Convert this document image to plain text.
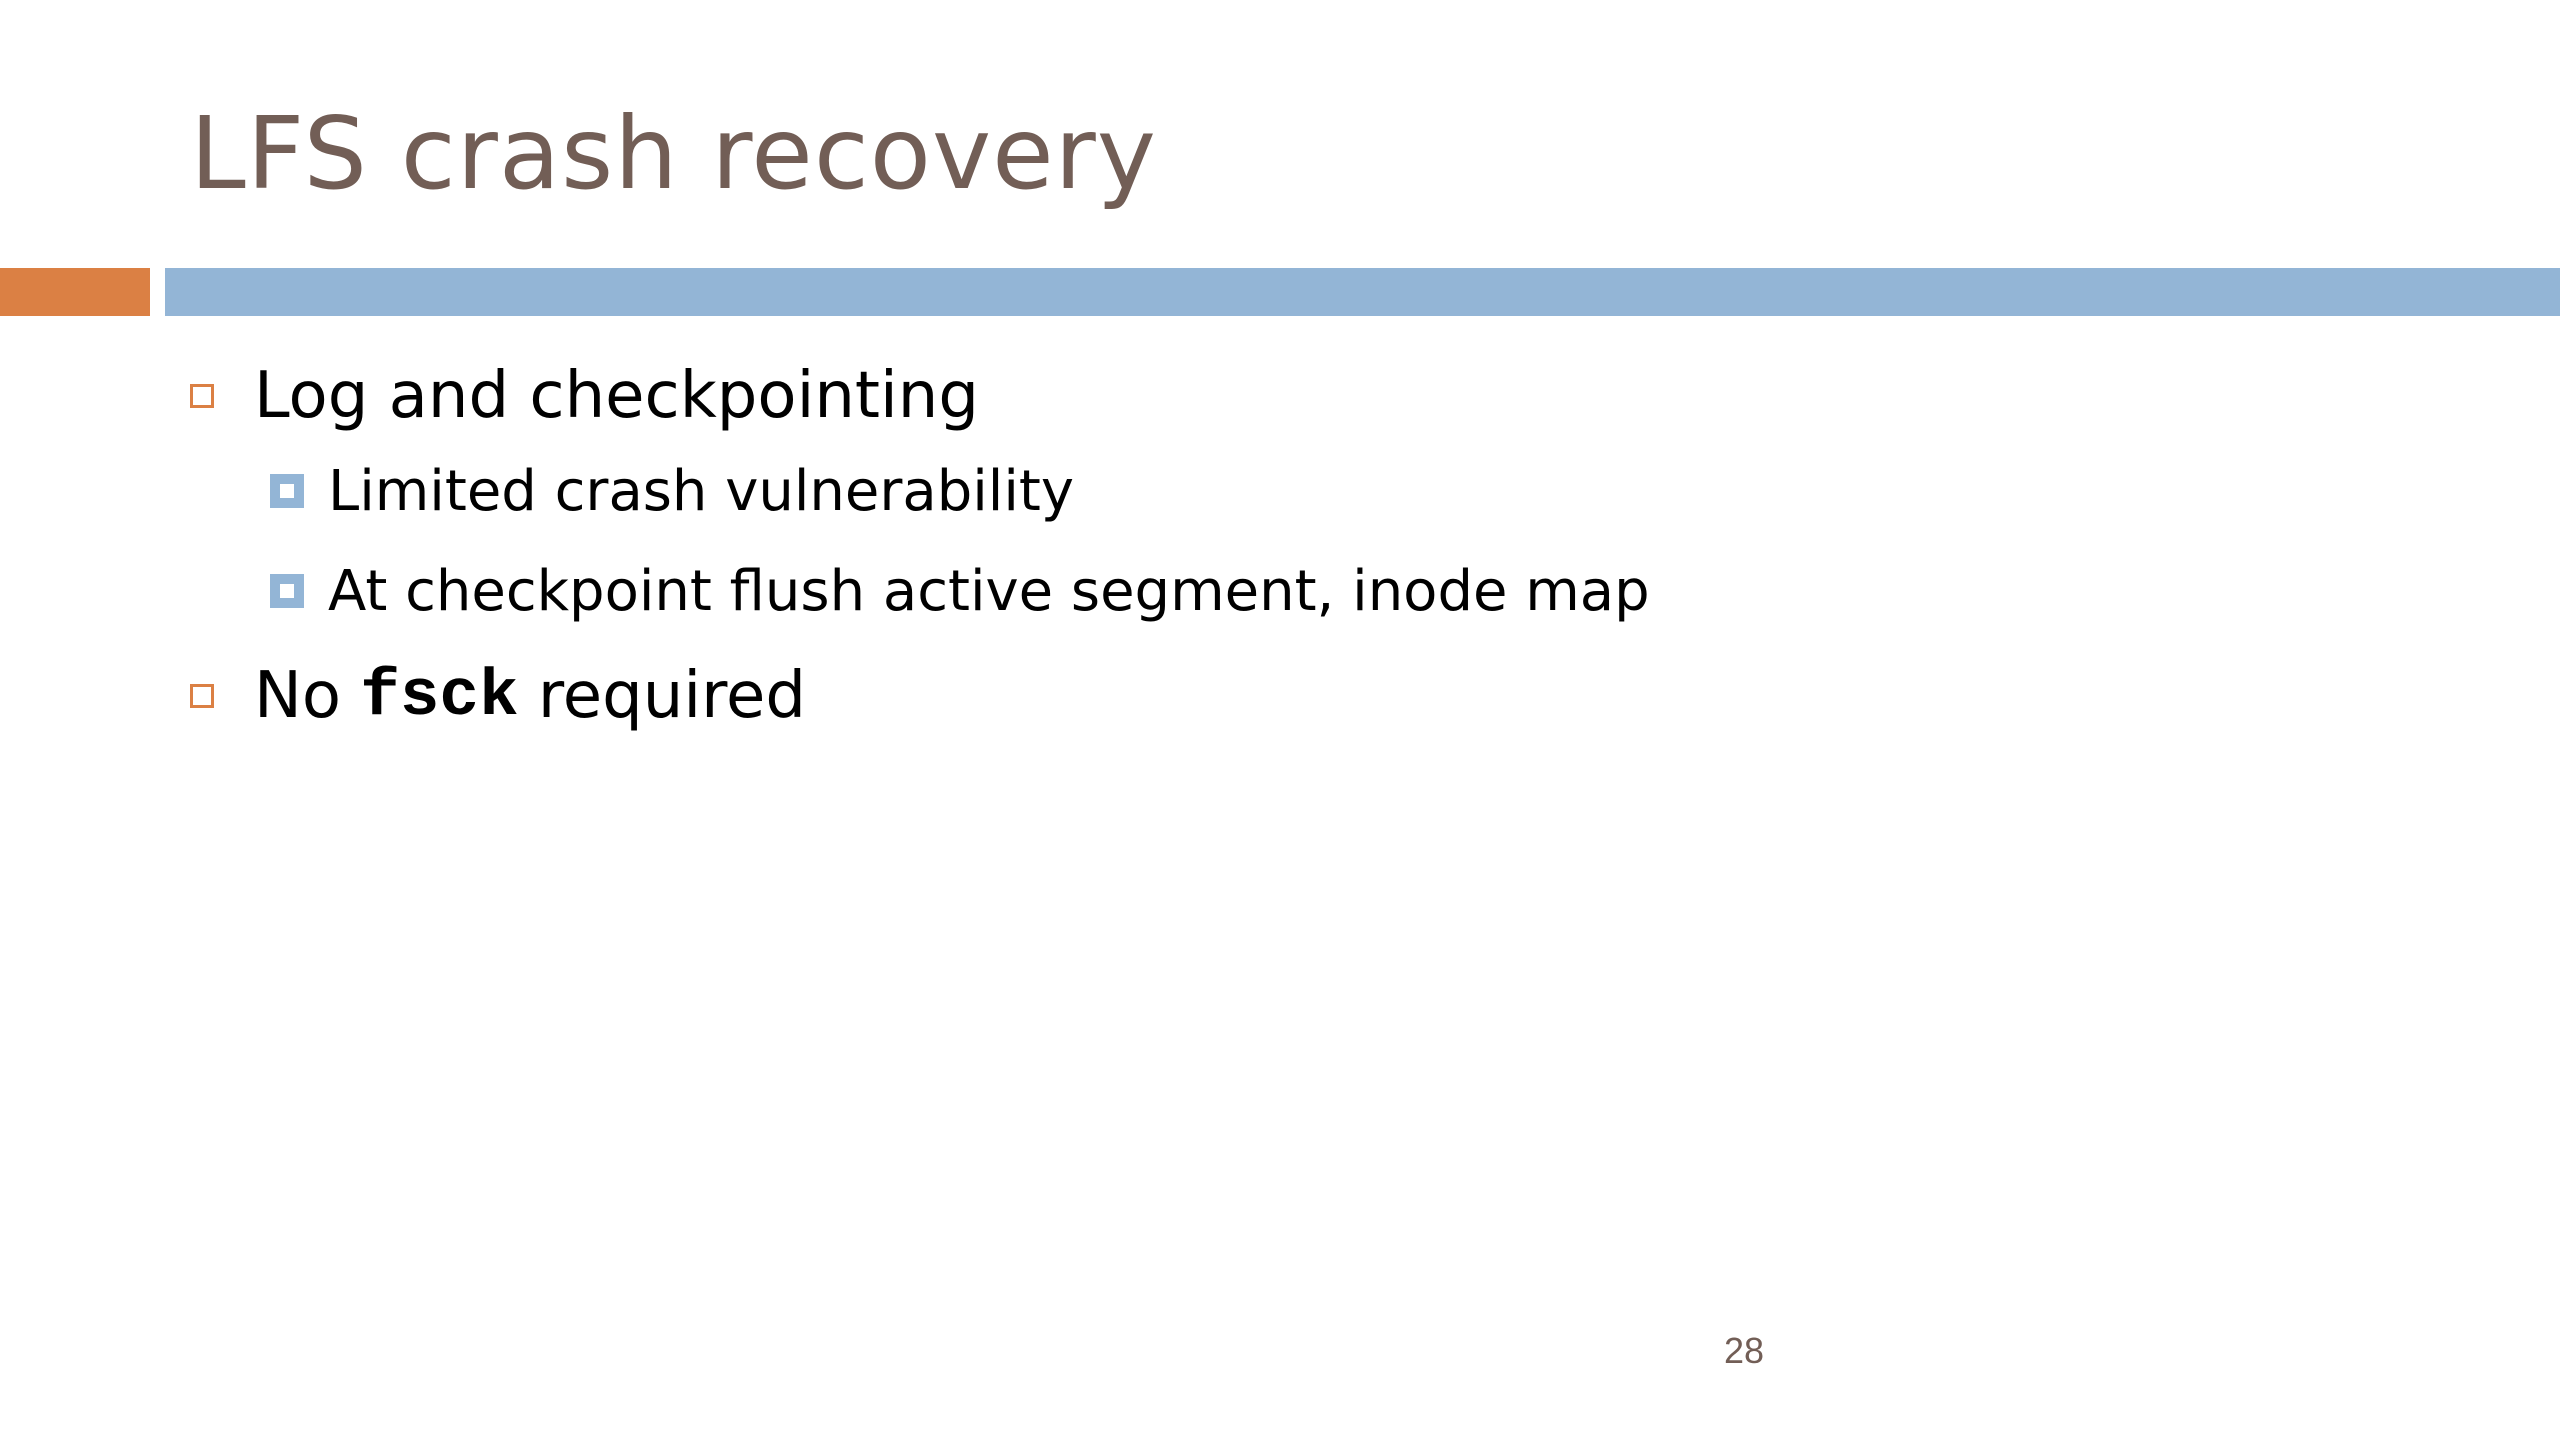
LFS crash recovery
Log and checkpointing
Limited crash vulnerability
At checkpoint flush active segment, inode map
No fsck required
28
